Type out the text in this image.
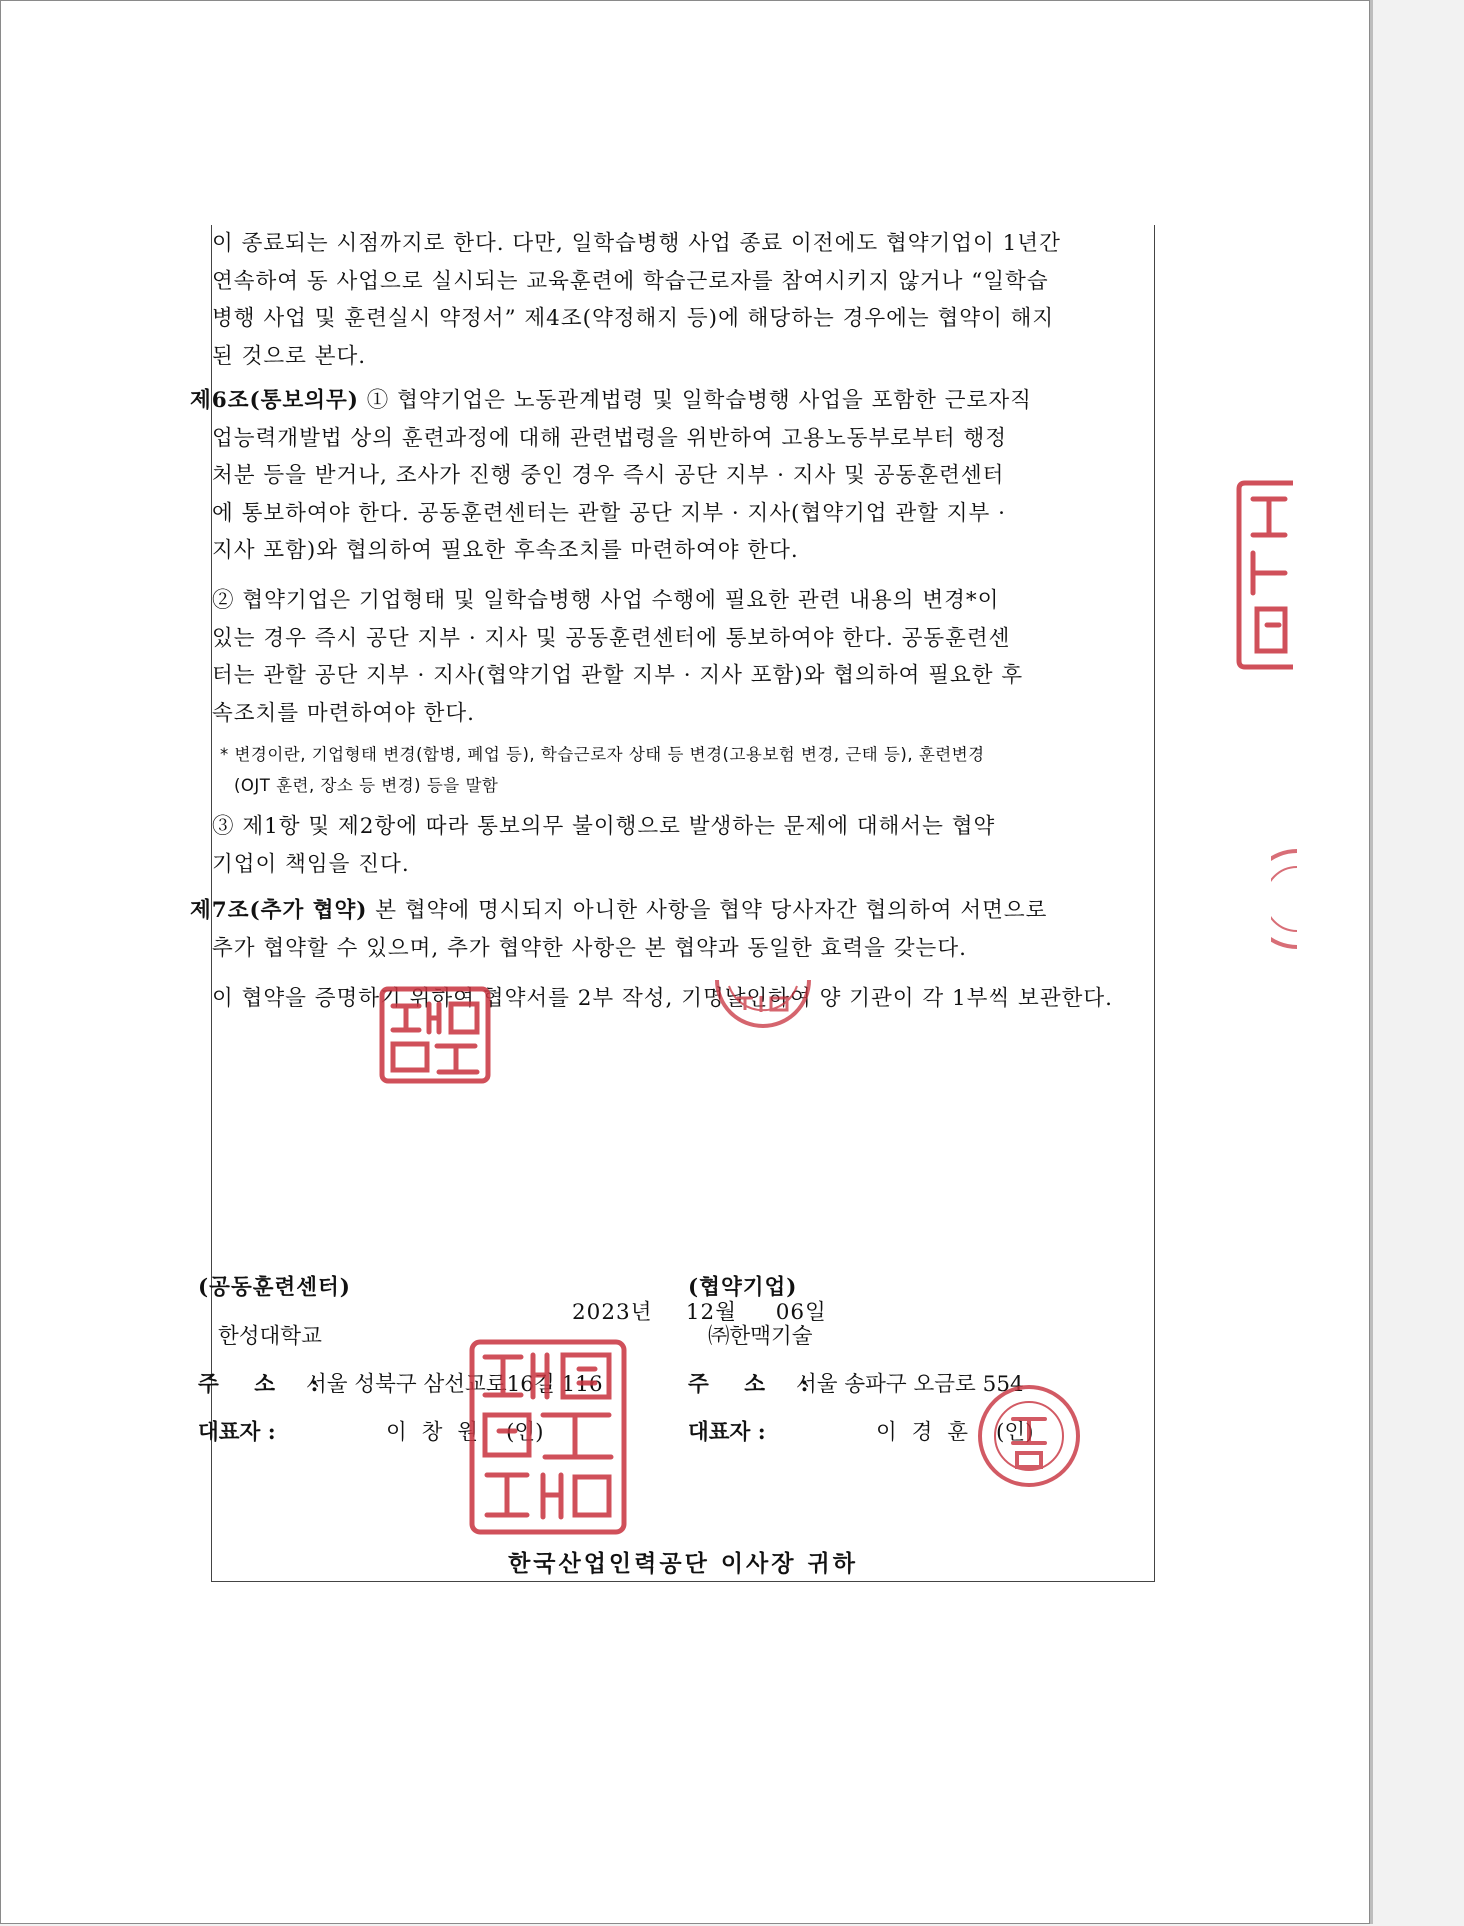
이 종료되는 시점까지로 한다. 다만, 일학습병행 사업 종료 이전에도 협약기업이 1년간
연속하여 동 사업으로 실시되는 교육훈련에 학습근로자를 참여시키지 않거나 “일학습
병행 사업 및 훈련실시 약정서” 제4조(약정해지 등)에 해당하는 경우에는 협약이 해지
된 것으로 본다.
제6조(통보의무) ① 협약기업은 노동관계법령 및 일학습병행 사업을 포함한 근로자직
업능력개발법 상의 훈련과정에 대해 관련법령을 위반하여 고용노동부로부터 행정
처분 등을 받거나, 조사가 진행 중인 경우 즉시 공단 지부 · 지사 및 공동훈련센터
에 통보하여야 한다. 공동훈련센터는 관할 공단 지부 · 지사(협약기업 관할 지부 ·
지사 포함)와 협의하여 필요한 후속조치를 마련하여야 한다.
② 협약기업은 기업형태 및 일학습병행 사업 수행에 필요한 관련 내용의 변경*이
있는 경우 즉시 공단 지부 · 지사 및 공동훈련센터에 통보하여야 한다. 공동훈련센
터는 관할 공단 지부 · 지사(협약기업 관할 지부 · 지사 포함)와 협의하여 필요한 후
속조치를 마련하여야 한다.
* 변경이란, 기업형태 변경(합병, 폐업 등), 학습근로자 상태 등 변경(고용보험 변경, 근태 등), 훈련변경
(OJT 훈련, 장소 등 변경) 등을 말함
③ 제1항 및 제2항에 따라 통보의무 불이행으로 발생하는 문제에 대해서는 협약
기업이 책임을 진다.
제7조(추가 협약) 본 협약에 명시되지 아니한 사항을 협약 당사자간 협의하여 서면으로
추가 협약할 수 있으며, 추가 협약한 사항은 본 협약과 동일한 효력을 갖는다.
이 협약을 증명하기 위하여 협약서를 2부 작성, 기명날인하여 양 기관이 각 1부씩 보관한다.
2023년 12월 06일
(공동훈련센터)
한성대학교
주 소 :서울 성북구 삼선교로16길 116
대표자 :	이 창 원 (인)
(협약기업)
㈜한맥기술
주 소 :서울 송파구 오금로 554
대표자 :	이 경 훈 (인)
한국산업인력공단 이사장 귀하
